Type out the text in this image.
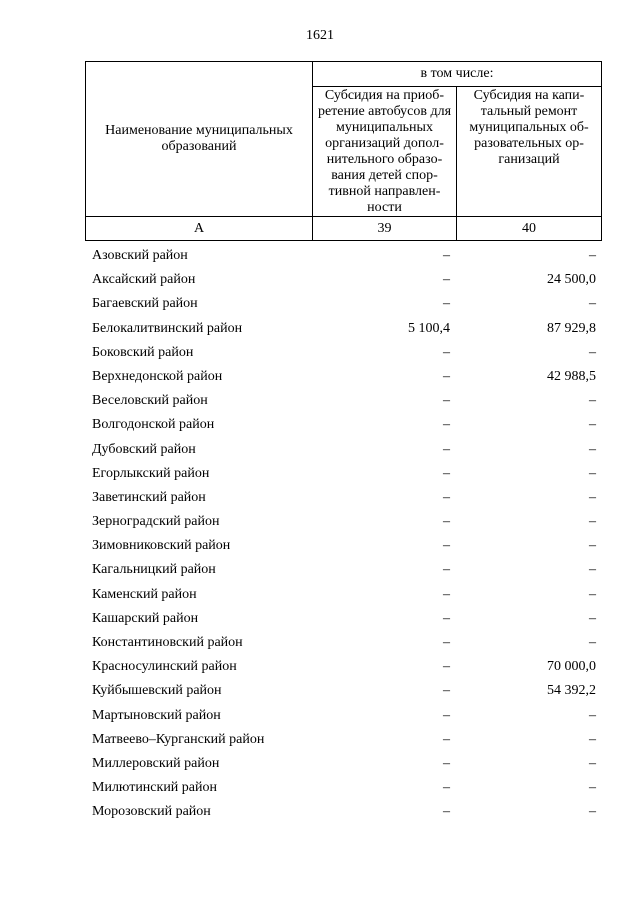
1621
Наименование муниципальных образований	в том числе:	
	Субсидия на приоб-ретение автобусов для муниципальных организаций допол-нительного образо-вания детей спор-тивной направлен-ности	Субсидия на капи-тальный ремонт муниципальных об-разовательных ор-ганизаций
А	39	40
Азовский район	–	–
Аксайский район	–	24 500,0
Багаевский район	–	–
Белокалитвинский район	5 100,4	87 929,8
Боковский район	–	–
Верхнедонской район	–	42 988,5
Веселовский район	–	–
Волгодонской район	–	–
Дубовский район	–	–
Егорлыкский район	–	–
Заветинский район	–	–
Зерноградский район	–	–
Зимовниковский район	–	–
Кагальницкий район	–	–
Каменский район	–	–
Кашарский район	–	–
Константиновский район	–	–
Красносулинский район	–	70 000,0
Куйбышевский район	–	54 392,2
Мартыновский район	–	–
Матвеево–Курганский район	–	–
Миллеровский район	–	–
Милютинский район	–	–
Морозовский район	–	–
